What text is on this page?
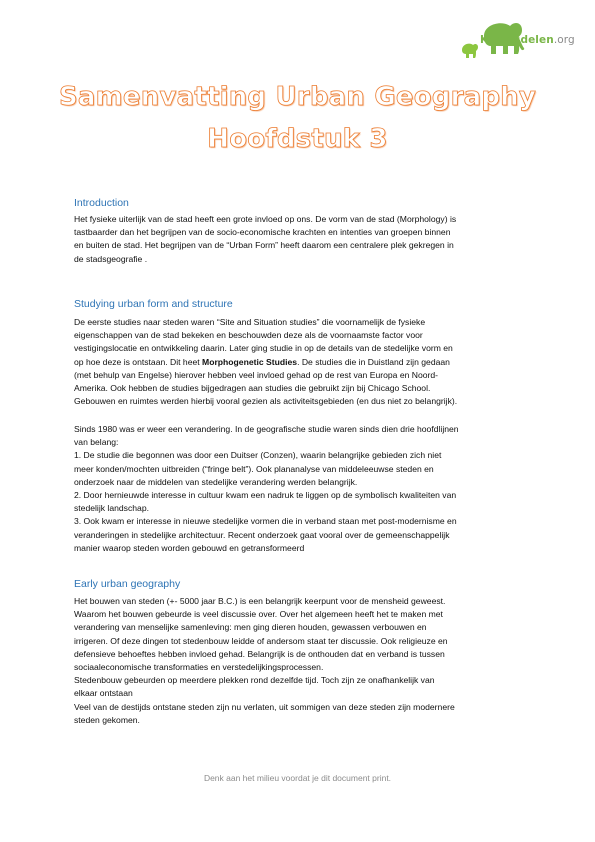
Kennisdelen.org
Samenvatting Urban Geography
Hoofdstuk 3
Introduction

Het fysieke uiterlijk van de stad heeft een grote invloed op ons. De vorm van de stad (Morphology) is

tastbaarder dan het begrijpen van de socio-economische krachten en intenties van groepen binnen

en buiten de stad. Het begrijpen van de “Urban Form” heeft daarom een centralere plek gekregen in

de stadsgeografie .

Studying urban form and structure

De eerste studies naar steden waren “Site and Situation studies” die voornamelijk de fysieke

eigenschappen van de stad bekeken en beschouwden deze als de voornaamste factor voor

vestigingslocatie en ontwikkeling daarin. Later ging studie in op de details van de stedelijke vorm en

op hoe deze is ontstaan. Dit heet Morphogenetic Studies. De studies die in Duistland zijn gedaan

(met behulp van Engelse) hierover hebben veel invloed gehad op de rest van Europa en Noord-

Amerika. Ook hebben de studies bijgedragen aan studies die gebruikt zijn bij Chicago School.

Gebouwen en ruimtes werden hierbij vooral gezien als activiteitsgebieden (en dus niet zo belangrijk).

Sinds 1980 was er weer een verandering. In de geografische studie waren sinds dien drie hoofdlijnen

van belang:

1. De studie die begonnen was door een Duitser (Conzen), waarin belangrijke gebieden zich niet

meer konden/mochten uitbreiden (“fringe belt”). Ook plananalyse van middeleeuwse steden en

onderzoek naar de middelen van stedelijke verandering werden belangrijk.

2. Door hernieuwde interesse in cultuur kwam een nadruk te liggen op de symbolisch kwaliteiten van

stedelijk landschap.

3. Ook kwam er interesse in nieuwe stedelijke vormen die in verband staan met post-modernisme en

veranderingen in stedelijke architectuur. Recent onderzoek gaat vooral over de gemeenschappelijk

manier waarop steden worden gebouwd en getransformeerd

Early urban geography

Het bouwen van steden (+- 5000 jaar B.C.) is een belangrijk keerpunt voor de mensheid geweest.

Waarom het bouwen gebeurde is veel discussie over. Over het algemeen heeft het te maken met

verandering van menselijke samenleving: men ging dieren houden, gewassen verbouwen en

irrigeren. Of deze dingen tot stedenbouw leidde of andersom staat ter discussie. Ook religieuze en

defensieve behoeftes hebben invloed gehad. Belangrijk is de onthouden dat en verband is tussen

sociaaleconomische transformaties en verstedelijkingsprocessen.

Stedenbouw gebeurden op meerdere plekken rond dezelfde tijd. Toch zijn ze onafhankelijk van

elkaar ontstaan

Veel van de destijds ontstane steden zijn nu verlaten, uit sommigen van deze steden zijn modernere

steden gekomen.

Denk aan het milieu voordat je dit document print.
